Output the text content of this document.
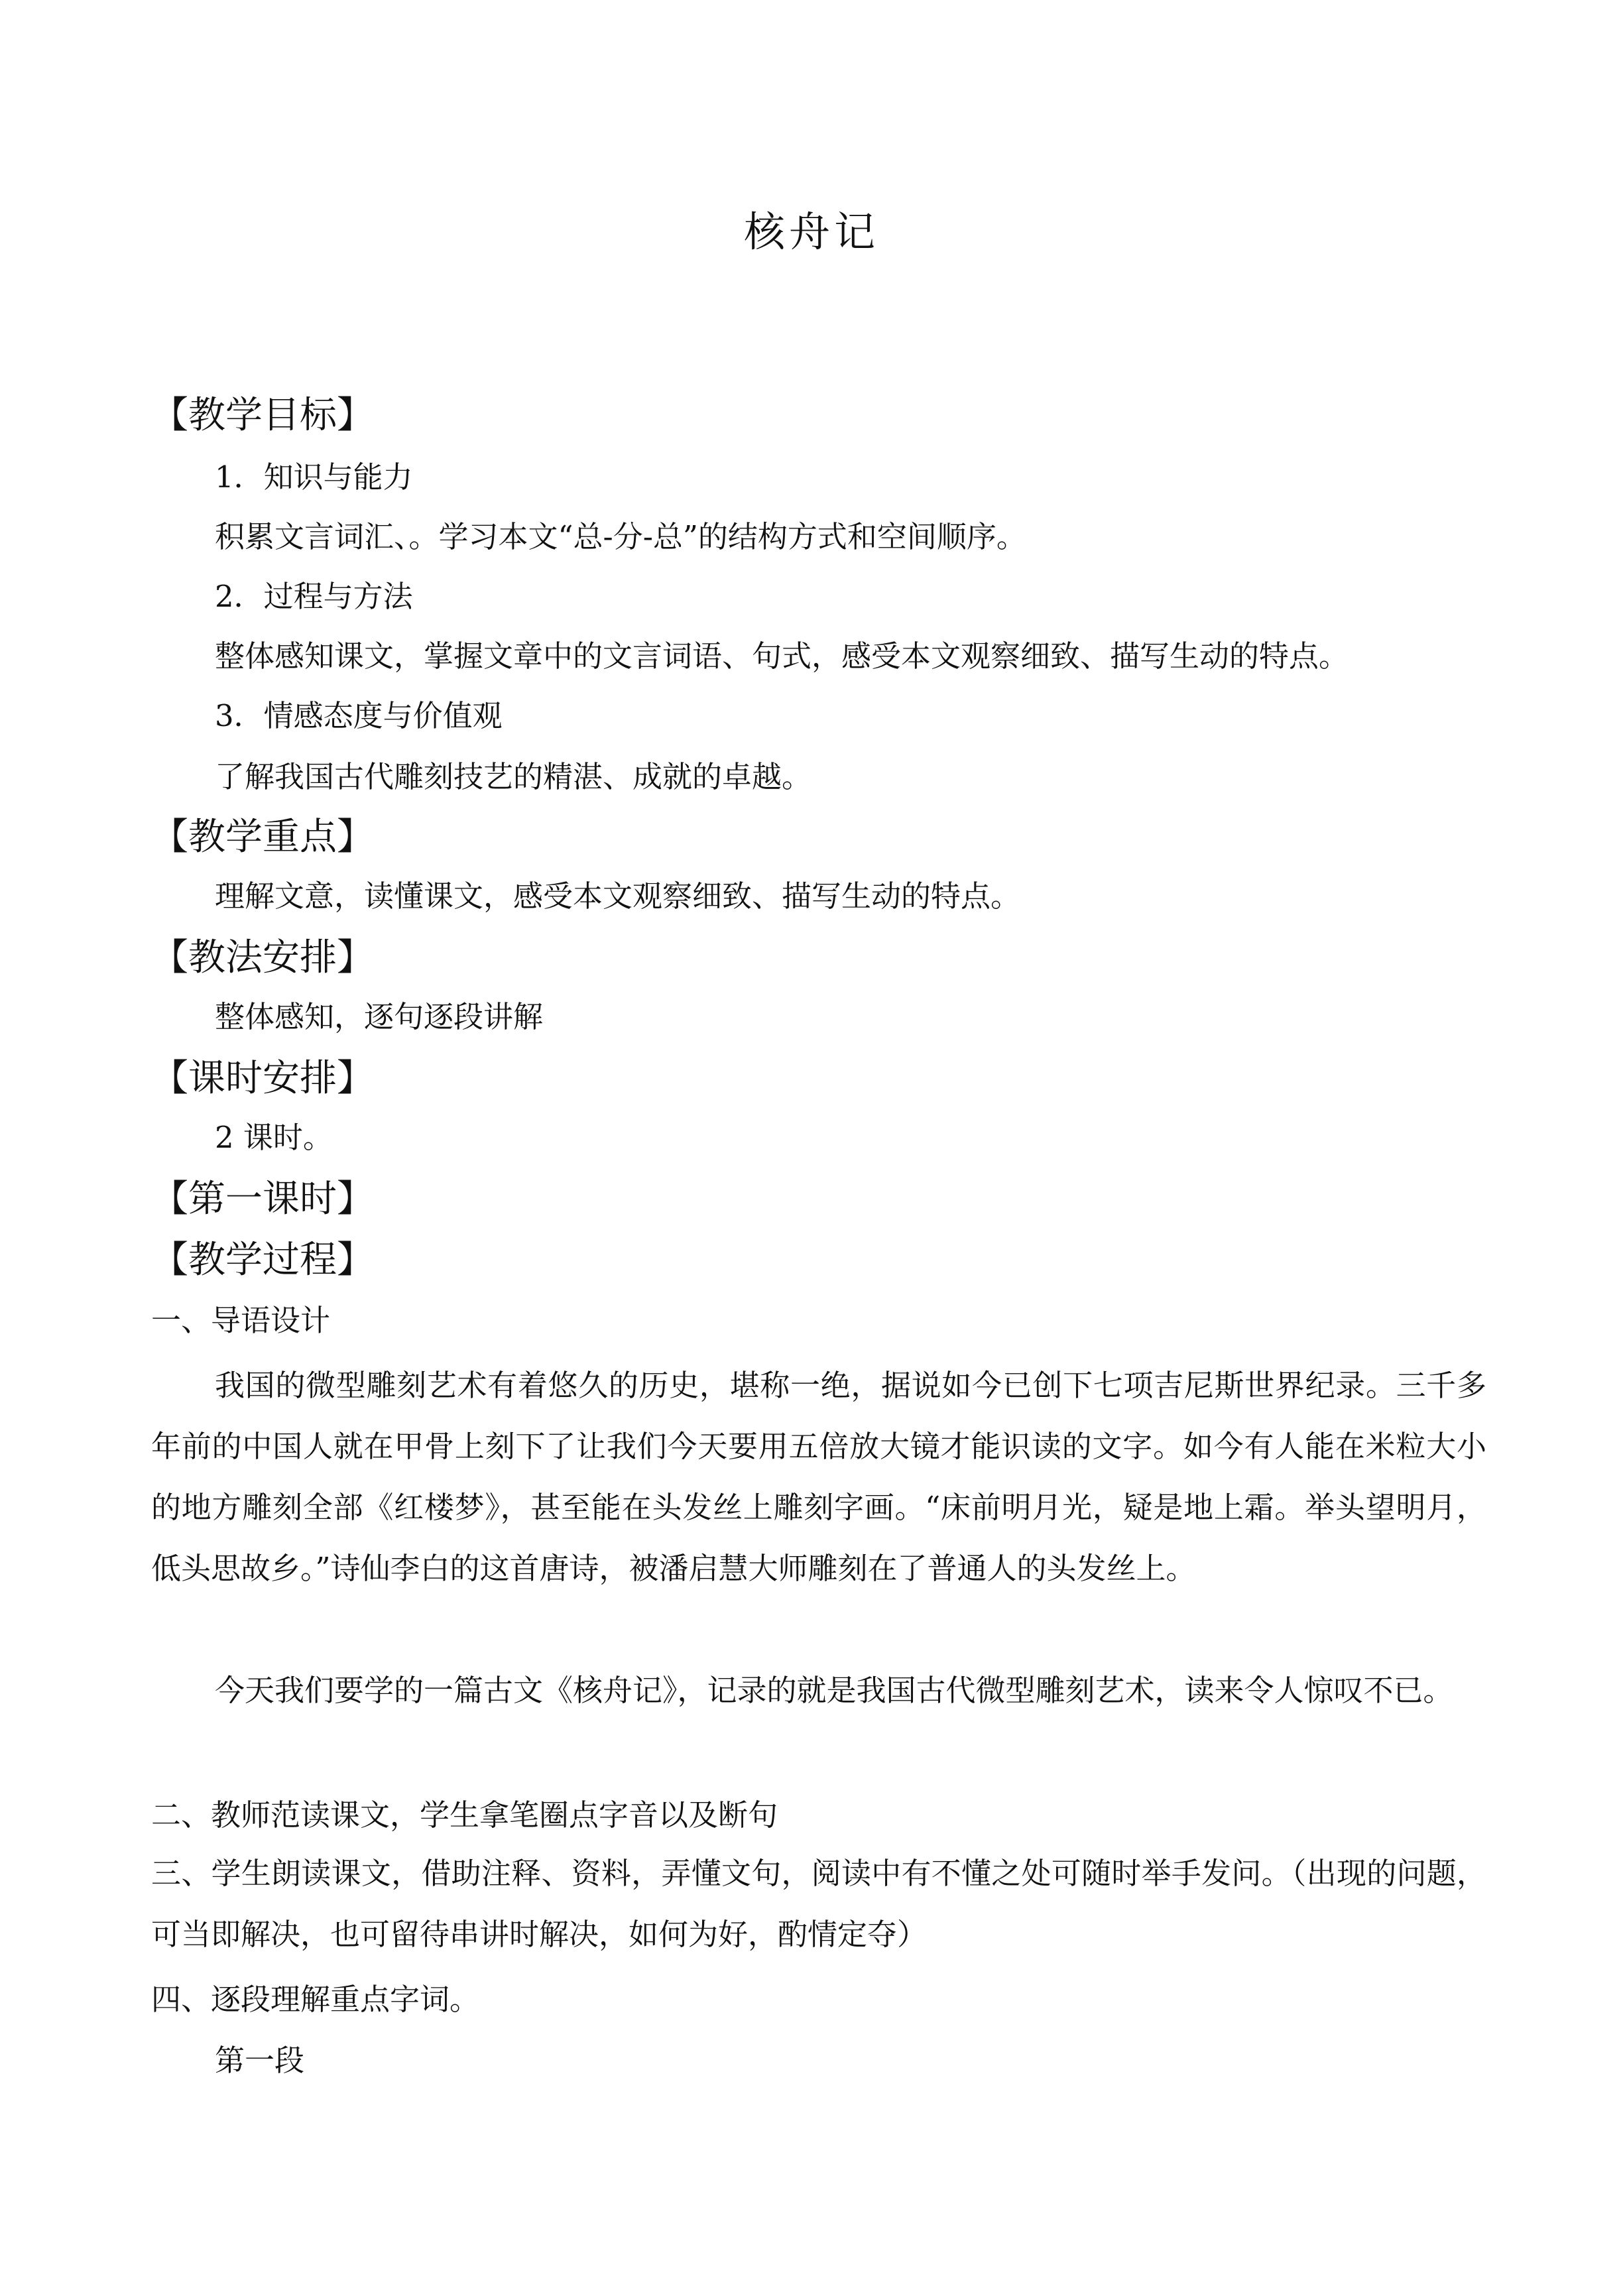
核舟记
【教学目标】
1．知识与能力
积累文言词汇、。学习本文“总-分-总”的结构方式和空间顺序。
2．过程与方法
整体感知课文，掌握文章中的文言词语、句式，感受本文观察细致、描写生动的特点。
3．情感态度与价值观
了解我国古代雕刻技艺的精湛、成就的卓越。
【教学重点】
理解文意，读懂课文，感受本文观察细致、描写生动的特点。
【教法安排】
整体感知，逐句逐段讲解
【课时安排】
2 课时。
【第一课时】
【教学过程】
一、导语设计
我国的微型雕刻艺术有着悠久的历史，堪称一绝，据说如今已创下七项吉尼斯世界纪录。三千多年前的中国人就在甲骨上刻下了让我们今天要用五倍放大镜才能识读的文字。如今有人能在米粒大小的地方雕刻全部《红楼梦》，甚至能在头发丝上雕刻字画。“床前明月光，疑是地上霜。举头望明月，低头思故乡。”诗仙李白的这首唐诗，被潘启慧大师雕刻在了普通人的头发丝上。
今天我们要学的一篇古文《核舟记》，记录的就是我国古代微型雕刻艺术，读来令人惊叹不已。
二、教师范读课文，学生拿笔圈点字音以及断句
三、学生朗读课文，借助注释、资料，弄懂文句，阅读中有不懂之处可随时举手发问。（出现的问题，可当即解决，也可留待串讲时解决，如何为好，酌情定夺）
四、逐段理解重点字词。
第一段
